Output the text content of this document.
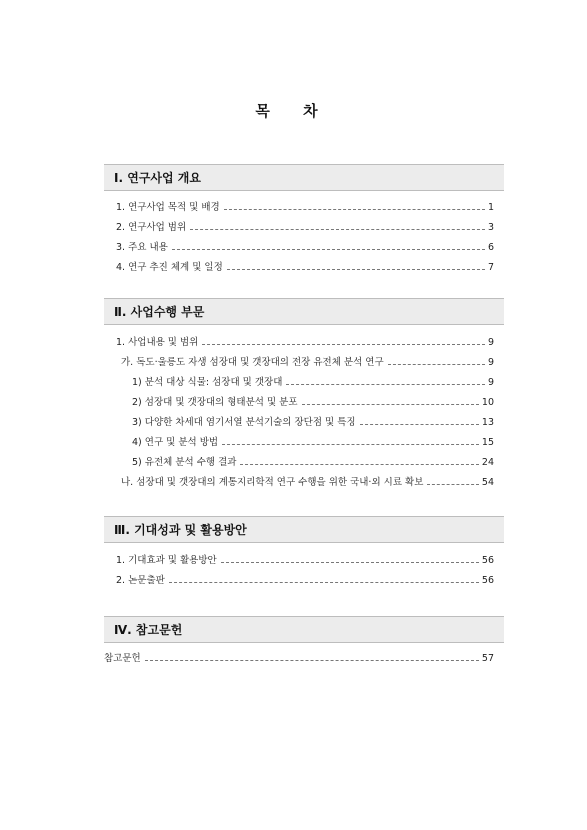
목 차
Ⅰ. 연구사업 개요
1. 연구사업 목적 및 배경	1
2. 연구사업 범위	3
3. 주요 내용	6
4. 연구 추진 체계 및 일정	7
Ⅱ. 사업수행 부문
1. 사업내용 및 범위	9
가. 독도·울릉도 자생 섬장대 및 갯장대의 전장 유전체 분석 연구	9
1) 분석 대상 식물: 섬장대 및 갯장대	9
2) 섬장대 및 갯장대의 형태분석 및 분포	10
3) 다양한 차세대 염기서열 분석기술의 장단점 및 특징	13
4) 연구 및 분석 방법	15
5) 유전체 분석 수행 결과	24
나. 섬장대 및 갯장대의 계통지리학적 연구 수행을 위한 국내·외 시료 확보	54
Ⅲ. 기대성과 및 활용방안
1. 기대효과 및 활용방안	56
2. 논문출판	56
Ⅳ. 참고문헌
참고문헌	57
